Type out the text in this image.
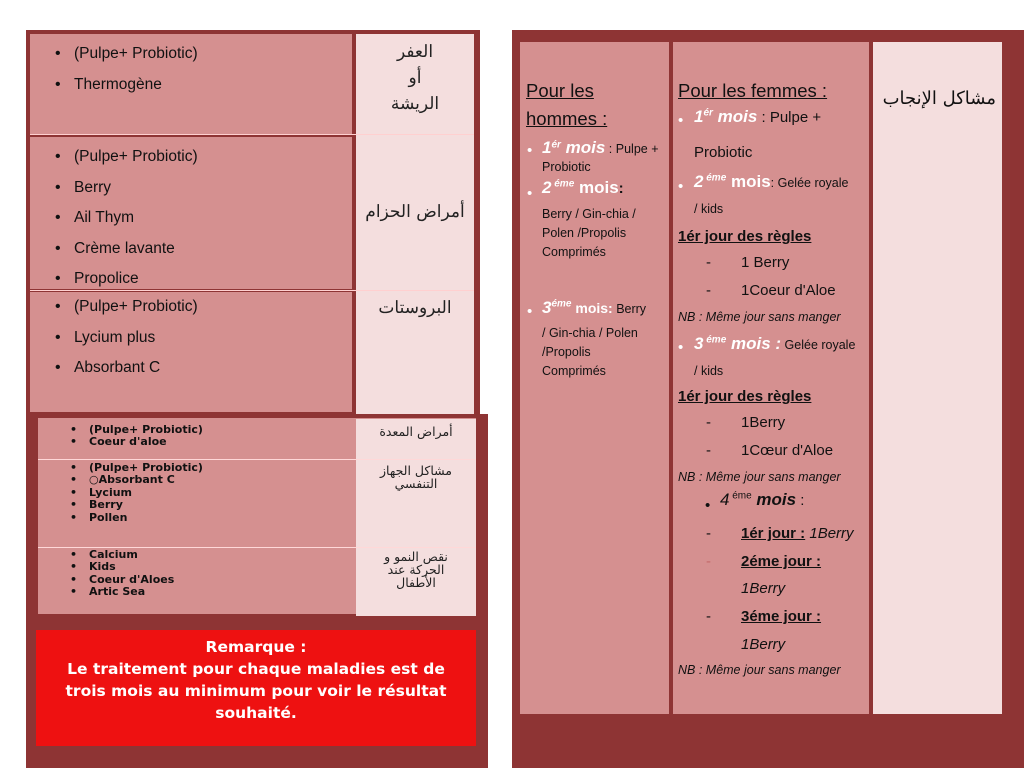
• (Pulpe+ Probiotic)
• Thermogène
العفر
أو
الريشة
• (Pulpe+ Probiotic)
• Berry
• Ail Thym
• Crème lavante
• Propolice
أمراض الحزام
• (Pulpe+ Probiotic)
• Lycium plus
• Absorbant C
البروستات
• (Pulpe+ Probiotic)
• Coeur d'aloe
أمراض المعدة
• (Pulpe+ Probiotic)
• ○Absorbant C
• Lycium
• Berry
• Pollen
مشاكل الجهاز
التنفسي
• Calcium
• Kids
• Coeur d'Aloes
• Artic Sea
نقص النمو و
الحركة عند
الأطفال
Remarque :
Le traitement pour chaque maladies est de
trois mois au minimum pour voir le résultat
souhaité.
مشاكل الإنجاب
Pour les
hommes :
• $1^{ér}$ mois : Pulpe +
Probiotic
• 2 $^{éme}$ mois:
Berry / Gin-chia /
Polen /Propolis
Comprimés
• $3^{éme}$ mois: Berry
/ Gin-chia / Polen
/Propolis
Comprimés
Pour les femmes :
• $1^{ér}$ mois : Pulpe +
Probiotic
• 2 $^{éme}$ mois: Gelée royale
/ kids
1ér jour des règles
- 1 Berry
- 1Coeur d'Aloe
NB : Même jour sans manger
• 3 $^{éme}$ mois : Gelée royale
/ kids
1ér jour des règles
- 1Berry
- 1Cœur d'Aloe
NB : Même jour sans manger
• 4 $^{éme}$ mois :
- 1ér jour : 1Berry
- 2éme jour :
1Berry
- 3éme jour :
1Berry
NB : Même jour sans manger
